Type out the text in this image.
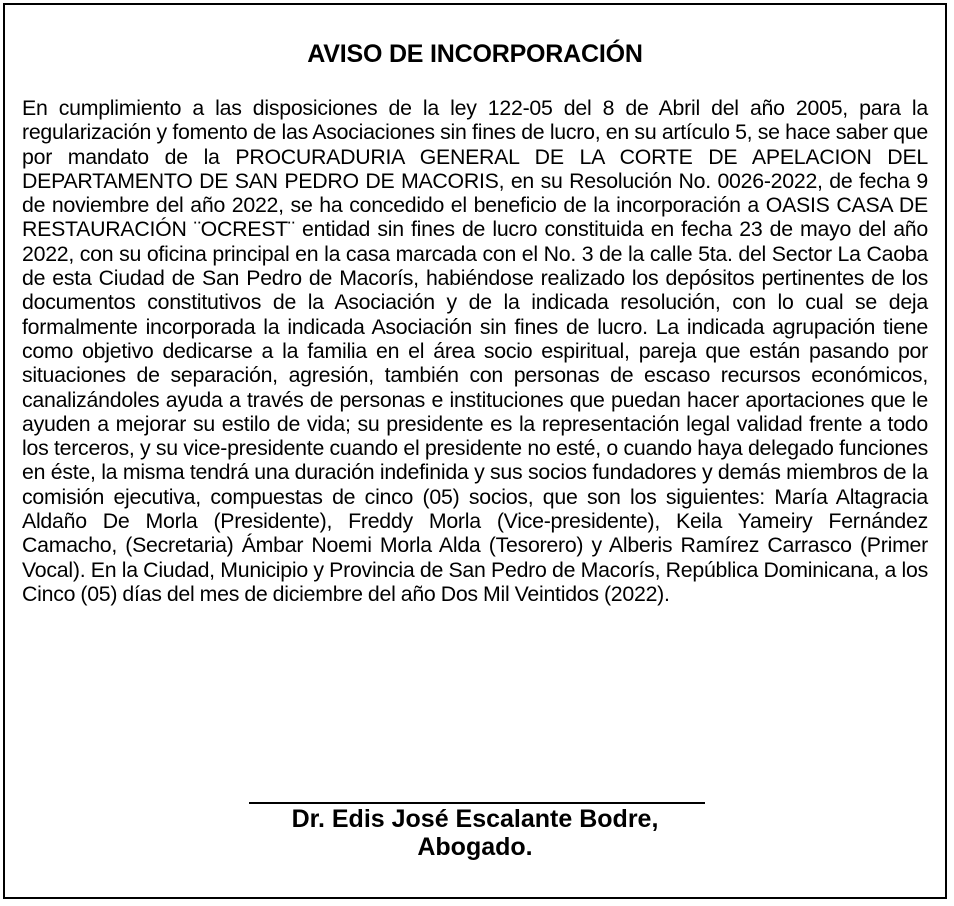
AVISO DE INCORPORACIÓN

En cumplimiento a las disposiciones de la ley 122-05 del 8 de Abril del año 2005, para la regularización y fomento de las Asociaciones sin fines de lucro, en su artículo 5, se hace saber que por mandato de la PROCURADURIA GENERAL DE LA CORTE DE APELACION DEL DEPARTAMENTO DE SAN PEDRO DE MACORIS, en su Resolución No. 0026-2022, de fecha 9 de noviembre del año 2022, se ha concedido el beneficio de la incorporación a OASIS CASA DE RESTAURACIÓN ¨OCREST¨ entidad sin fines de lucro constituida en fecha 23 de mayo del año 2022, con su oficina principal en la casa marcada con el No. 3 de la calle 5ta. del Sector La Caoba de esta Ciudad de San Pedro de Macorís, habiéndose realizado los depósitos pertinentes de los documentos constitutivos de la Asociación y de la indicada resolución, con lo cual se deja formalmente incorporada la indicada Asociación sin fines de lucro. La indicada agrupación tiene como objetivo dedicarse a la familia en el área socio espiritual, pareja que están pasando por situaciones de separación, agresión, también con personas de escaso recursos económicos, canalizándoles ayuda a través de personas e instituciones que puedan hacer aportaciones que le ayuden a mejorar su estilo de vida; su presidente es la representación legal validad frente a todo los terceros, y su vice-presidente cuando el presidente no esté, o cuando haya delegado funciones en éste, la misma tendrá una duración indefinida y sus socios fundadores y demás miembros de la comisión ejecutiva, compuestas de cinco (05) socios, que son los siguientes: María Altagracia Aldaño De Morla (Presidente), Freddy Morla (Vice-presidente), Keila Yameiry Fernández Camacho, (Secretaria) Ámbar Noemi Morla Alda (Tesorero) y Alberis Ramírez Carrasco (Primer Vocal). En la Ciudad, Municipio y Provincia de San Pedro de Macorís, República Dominicana, a los Cinco (05) días del mes de diciembre del año Dos Mil Veintidos (2022).

Dr. Edis José Escalante Bodre,

Abogado.
